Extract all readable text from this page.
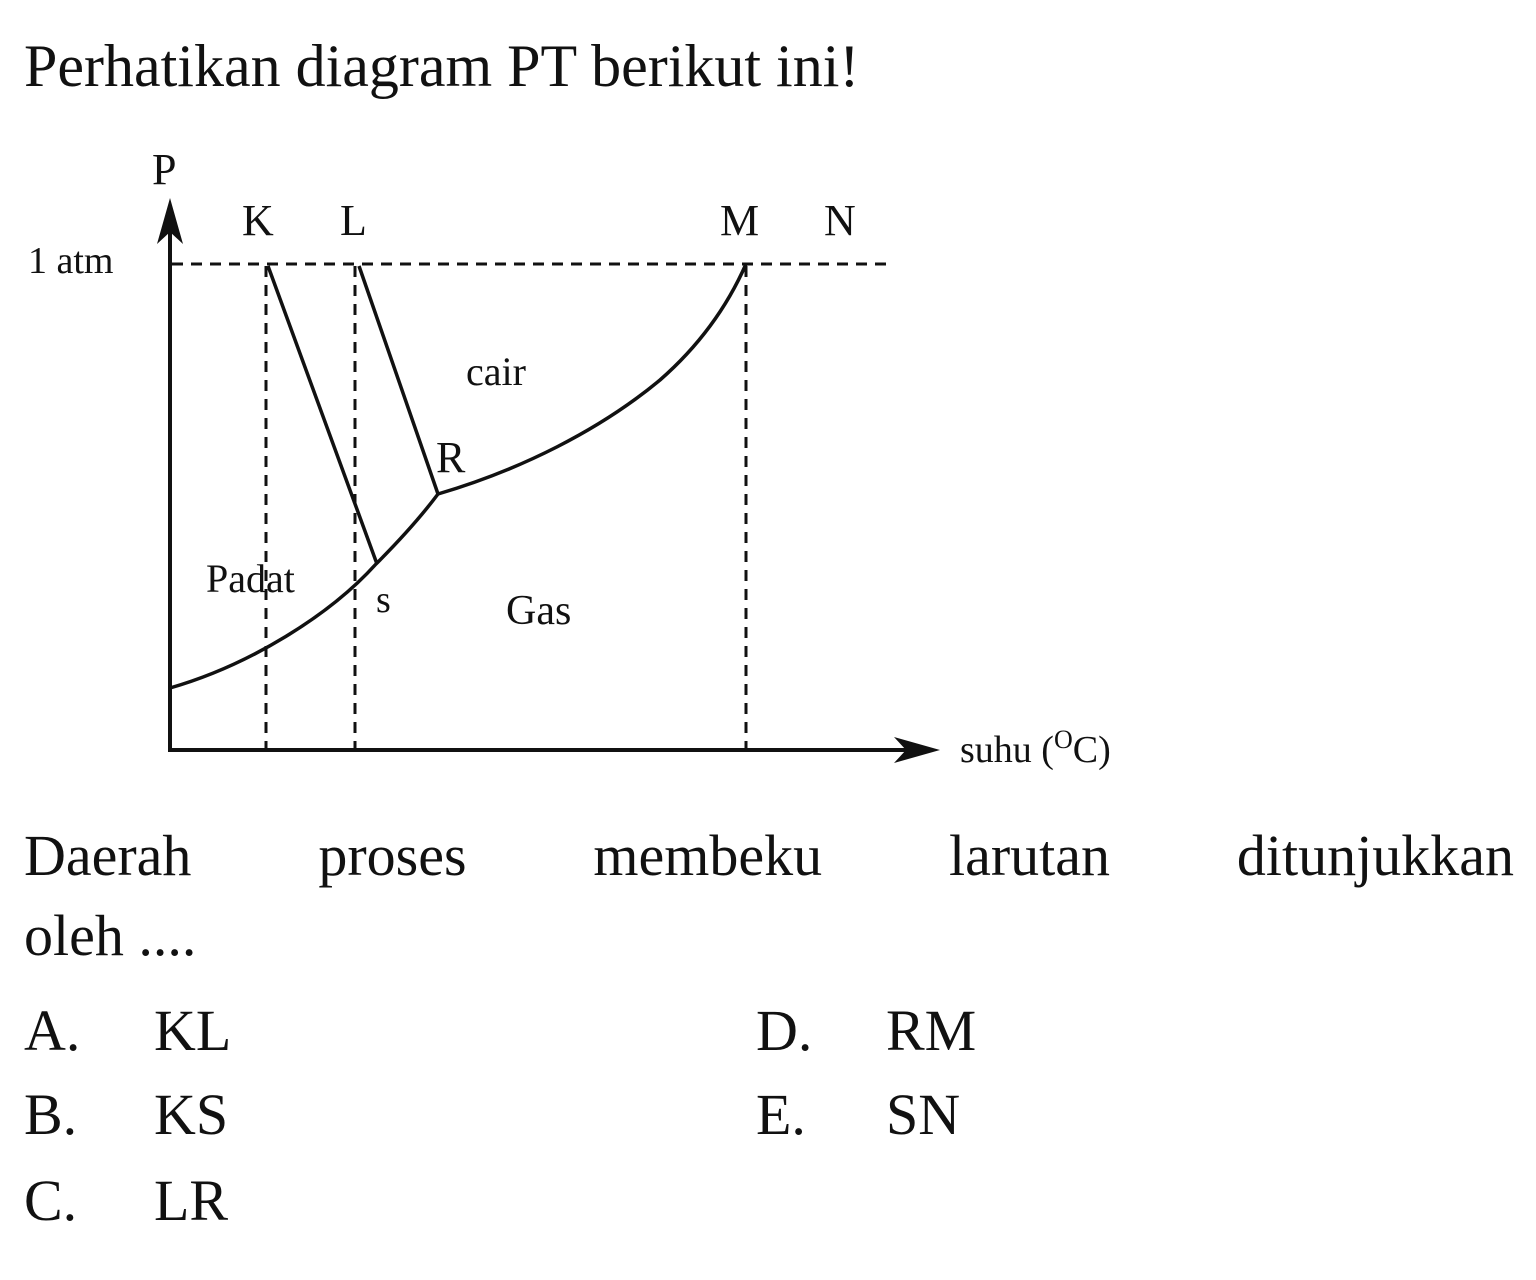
Perhatikan diagram PT berikut ini!
P
1 atm
K L	M N
cair
R
Padat s	Gas
suhu ($^O$C)
Daerah proses membeku larutan ditunjukkan
oleh ....
A.	KL
B.	KS
C.	LR
D.	RM
E.	SN
